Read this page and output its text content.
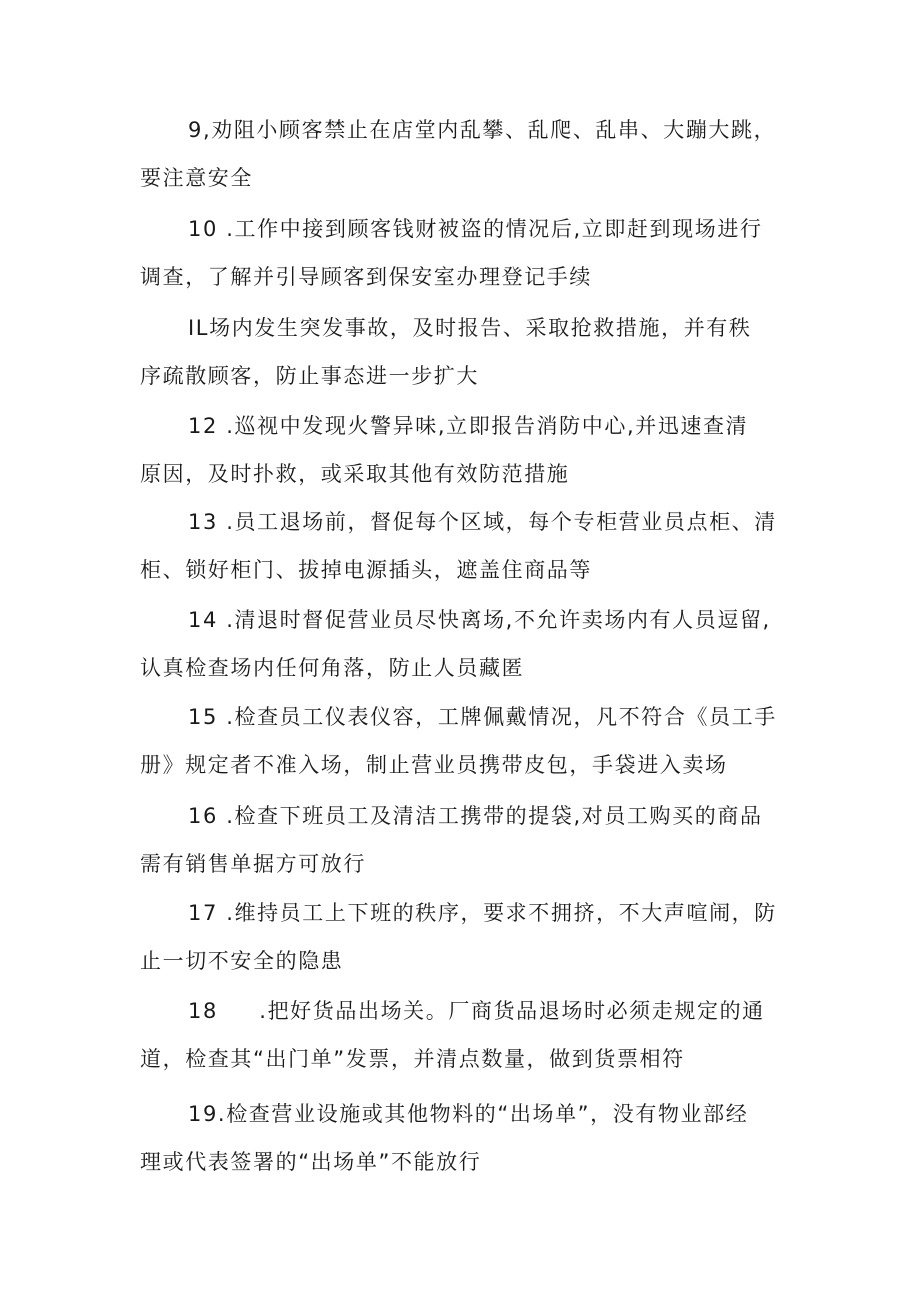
9,劝阻小顾客禁止在店堂内乱攀、乱爬、乱串、大蹦大跳，
要注意安全

10 .工作中接到顾客钱财被盗的情况后,立即赶到现场进行
调查，了解并引导顾客到保安室办理登记手续

IL场内发生突发事故，及时报告、采取抢救措施，并有秩
序疏散顾客，防止事态进一步扩大

12 .巡视中发现火警异味,立即报告消防中心,并迅速查清
原因，及时扑救，或采取其他有效防范措施

13 .员工退场前，督促每个区域，每个专柜营业员点柜、清
柜、锁好柜门、拔掉电源插头，遮盖住商品等

14 .清退时督促营业员尽快离场,不允许卖场内有人员逗留,
认真检查场内任何角落，防止人员藏匿

15 .检查员工仪表仪容，工牌佩戴情况，凡不符合《员工手
册》规定者不准入场，制止营业员携带皮包，手袋进入卖场

16 .检查下班员工及清洁工携带的提袋,对员工购买的商品
需有销售单据方可放行

17 .维持员工上下班的秩序，要求不拥挤，不大声喧闹，防
止一切不安全的隐患

18     .把好货品出场关。厂商货品退场时必须走规定的通
道，检查其“出门单”发票，并清点数量，做到货票相符

19.检查营业设施或其他物料的“出场单”，没有物业部经
理或代表签署的“出场单”不能放行
